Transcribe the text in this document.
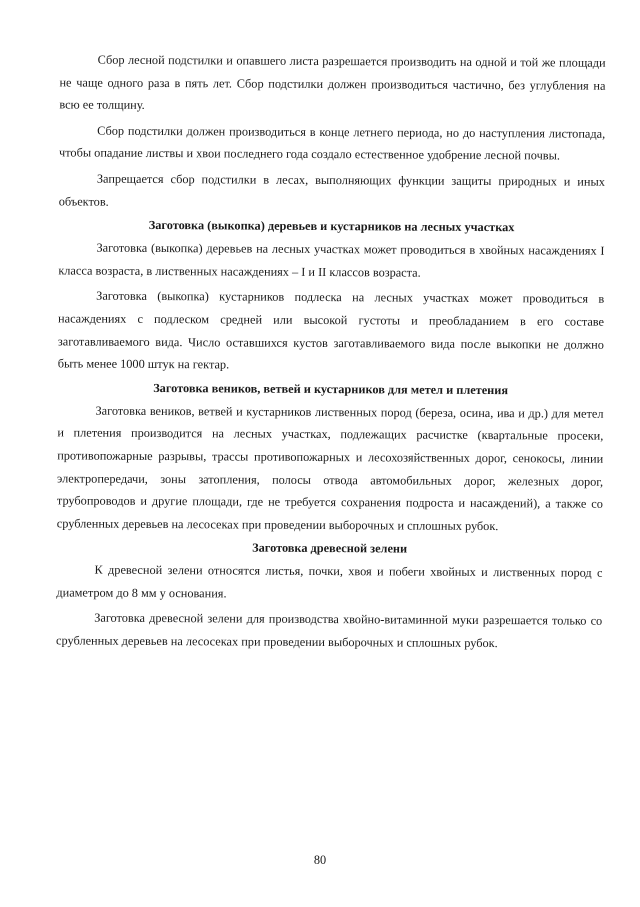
Сбор лесной подстилки и опавшего листа разрешается производить на одной и той же площади не чаще одного раза в пять лет. Сбор подстилки должен производиться частично, без углубления на всю ее толщину.

Сбор подстилки должен производиться в конце летнего периода, но до наступления листопада, чтобы опадание листвы и хвои последнего года создало естественное удобрение лесной почвы.

Запрещается сбор подстилки в лесах, выполняющих функции защиты природных и иных объектов.

Заготовка (выкопка) деревьев и кустарников на лесных участках

Заготовка (выкопка) деревьев на лесных участках может проводиться в хвойных насаждениях I класса возраста, в лиственных насаждениях – I и II классов возраста.

Заготовка (выкопка) кустарников подлеска на лесных участках может проводиться в насаждениях с подлеском средней или высокой густоты и преобладанием в его составе заготавливаемого вида. Число оставшихся кустов заготавливаемого вида после выкопки не должно быть менее 1000 штук на гектар.

Заготовка веников, ветвей и кустарников для метел и плетения

Заготовка веников, ветвей и кустарников лиственных пород (береза, осина, ива и др.) для метел и плетения производится на лесных участках, подлежащих расчистке (квартальные просеки, противопожарные разрывы, трассы противопожарных и лесохозяйственных дорог, сенокосы, линии электропередачи, зоны затопления, полосы отвода автомобильных дорог, железных дорог, трубопроводов и другие площади, где не требуется сохранения подроста и насаждений), а также со срубленных деревьев на лесосеках при проведении выборочных и сплошных рубок.

Заготовка древесной зелени

К древесной зелени относятся листья, почки, хвоя и побеги хвойных и лиственных пород с диаметром до 8 мм у основания.

Заготовка древесной зелени для производства хвойно-витаминной муки разрешается только со срубленных деревьев на лесосеках при проведении выборочных и сплошных рубок.

80
